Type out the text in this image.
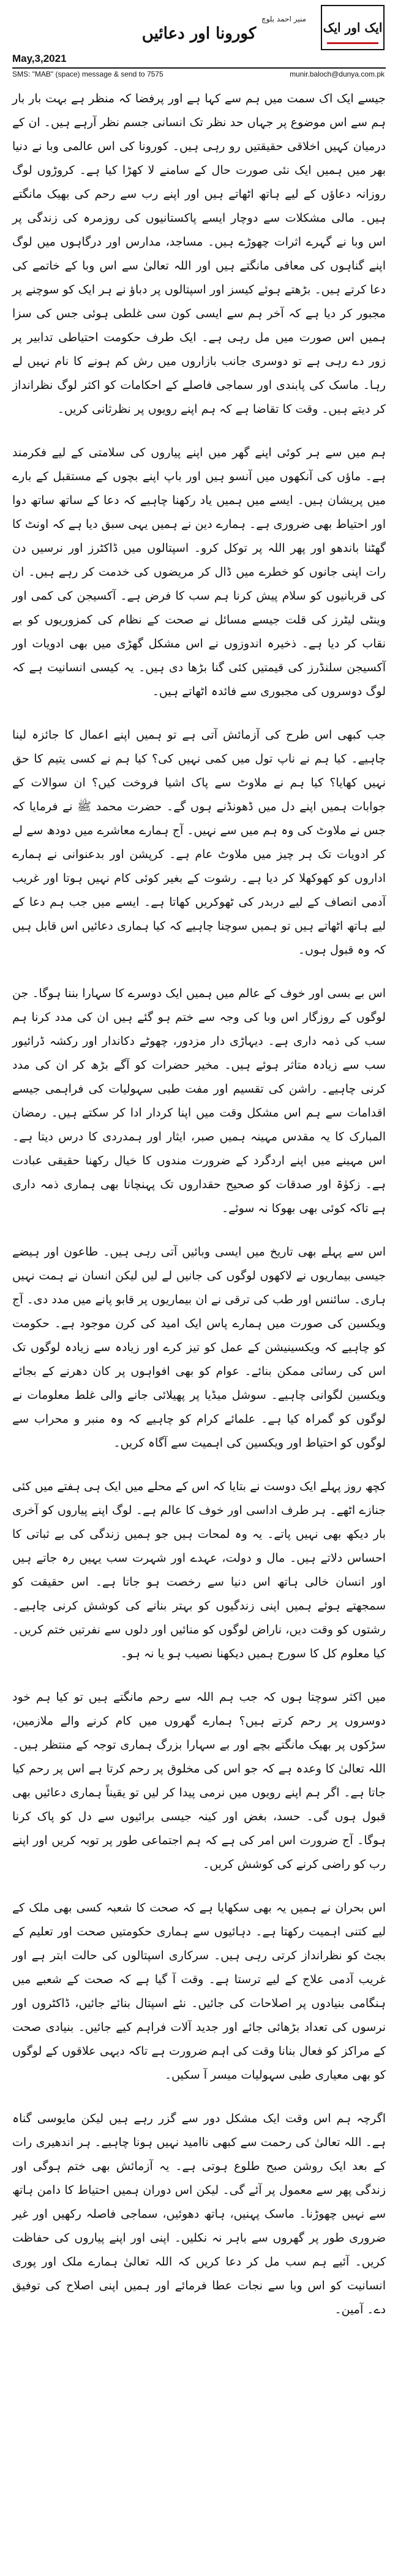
ایک اور ایک
منیر احمد بلوچ
کورونا اور دعائیں
May,3,2021
SMS: "MAB" (space) message & send to 7575	munir.baloch@dunya.com.pk

جیسے ایک اک سمت میں ہم سے کہا ہے اور پرفضا کہ منظر ہے بہت بار بار ہم سے اس موضوع پر جہاں حد نظر تک انسانی جسم نظر آرہے ہیں۔ ان کے درمیان کہیں اخلاقی حقیقتیں رو رہی ہیں۔ کورونا کی اس عالمی وبا نے دنیا بھر میں ہمیں ایک نئی صورت حال کے سامنے لا کھڑا کیا ہے۔ کروڑوں لوگ روزانہ دعاؤں کے لیے ہاتھ اٹھاتے ہیں اور اپنے رب سے رحم کی بھیک مانگتے ہیں۔ مالی مشکلات سے دوچار ایسے پاکستانیوں کی روزمرہ کی زندگی پر اس وبا نے گہرے اثرات چھوڑے ہیں۔ مساجد، مدارس اور درگاہوں میں لوگ اپنے گناہوں کی معافی مانگتے ہیں اور اللہ تعالیٰ سے اس وبا کے خاتمے کی دعا کرتے ہیں۔ بڑھتے ہوئے کیسز اور اسپتالوں پر دباؤ نے ہر ایک کو سوچنے پر مجبور کر دیا ہے کہ آخر ہم سے ایسی کون سی غلطی ہوئی جس کی سزا ہمیں اس صورت میں مل رہی ہے۔ ایک طرف حکومت احتیاطی تدابیر پر زور دے رہی ہے تو دوسری جانب بازاروں میں رش کم ہونے کا نام نہیں لے رہا۔ ماسک کی پابندی اور سماجی فاصلے کے احکامات کو اکثر لوگ نظرانداز کر دیتے ہیں۔ وقت کا تقاضا ہے کہ ہم اپنے رویوں پر نظرثانی کریں۔

ہم میں سے ہر کوئی اپنے گھر میں اپنے پیاروں کی سلامتی کے لیے فکرمند ہے۔ ماؤں کی آنکھوں میں آنسو ہیں اور باپ اپنے بچوں کے مستقبل کے بارے میں پریشان ہیں۔ ایسے میں ہمیں یاد رکھنا چاہیے کہ دعا کے ساتھ ساتھ دوا اور احتیاط بھی ضروری ہے۔ ہمارے دین نے ہمیں یہی سبق دیا ہے کہ اونٹ کا گھٹنا باندھو اور پھر اللہ پر توکل کرو۔ اسپتالوں میں ڈاکٹرز اور نرسیں دن رات اپنی جانوں کو خطرے میں ڈال کر مریضوں کی خدمت کر رہے ہیں۔ ان کی قربانیوں کو سلام پیش کرنا ہم سب کا فرض ہے۔ آکسیجن کی کمی اور وینٹی لیٹرز کی قلت جیسے مسائل نے صحت کے نظام کی کمزوریوں کو بے نقاب کر دیا ہے۔ ذخیرہ اندوزوں نے اس مشکل گھڑی میں بھی ادویات اور آکسیجن سلنڈرز کی قیمتیں کئی گنا بڑھا دی ہیں۔ یہ کیسی انسانیت ہے کہ لوگ دوسروں کی مجبوری سے فائدہ اٹھاتے ہیں۔

جب کبھی اس طرح کی آزمائش آتی ہے تو ہمیں اپنے اعمال کا جائزہ لینا چاہیے۔ کیا ہم نے ناپ تول میں کمی نہیں کی؟ کیا ہم نے کسی یتیم کا حق نہیں کھایا؟ کیا ہم نے ملاوٹ سے پاک اشیا فروخت کیں؟ ان سوالات کے جوابات ہمیں اپنے دل میں ڈھونڈنے ہوں گے۔ حضرت محمد ﷺ نے فرمایا کہ جس نے ملاوٹ کی وہ ہم میں سے نہیں۔ آج ہمارے معاشرے میں دودھ سے لے کر ادویات تک ہر چیز میں ملاوٹ عام ہے۔ کرپشن اور بدعنوانی نے ہمارے اداروں کو کھوکھلا کر دیا ہے۔ رشوت کے بغیر کوئی کام نہیں ہوتا اور غریب آدمی انصاف کے لیے دربدر کی ٹھوکریں کھاتا ہے۔ ایسے میں جب ہم دعا کے لیے ہاتھ اٹھاتے ہیں تو ہمیں سوچنا چاہیے کہ کیا ہماری دعائیں اس قابل ہیں کہ وہ قبول ہوں۔

اس بے بسی اور خوف کے عالم میں ہمیں ایک دوسرے کا سہارا بننا ہوگا۔ جن لوگوں کے روزگار اس وبا کی وجہ سے ختم ہو گئے ہیں ان کی مدد کرنا ہم سب کی ذمہ داری ہے۔ دیہاڑی دار مزدور، چھوٹے دکاندار اور رکشہ ڈرائیور سب سے زیادہ متاثر ہوئے ہیں۔ مخیر حضرات کو آگے بڑھ کر ان کی مدد کرنی چاہیے۔ راشن کی تقسیم اور مفت طبی سہولیات کی فراہمی جیسے اقدامات سے ہم اس مشکل وقت میں اپنا کردار ادا کر سکتے ہیں۔ رمضان المبارک کا یہ مقدس مہینہ ہمیں صبر، ایثار اور ہمدردی کا درس دیتا ہے۔ اس مہینے میں اپنے اردگرد کے ضرورت مندوں کا خیال رکھنا حقیقی عبادت ہے۔ زکوٰۃ اور صدقات کو صحیح حقداروں تک پہنچانا بھی ہماری ذمہ داری ہے تاکہ کوئی بھی بھوکا نہ سوئے۔

اس سے پہلے بھی تاریخ میں ایسی وبائیں آتی رہی ہیں۔ طاعون اور ہیضے جیسی بیماریوں نے لاکھوں لوگوں کی جانیں لے لیں لیکن انسان نے ہمت نہیں ہاری۔ سائنس اور طب کی ترقی نے ان بیماریوں پر قابو پانے میں مدد دی۔ آج ویکسین کی صورت میں ہمارے پاس ایک امید کی کرن موجود ہے۔ حکومت کو چاہیے کہ ویکسینیشن کے عمل کو تیز کرے اور زیادہ سے زیادہ لوگوں تک اس کی رسائی ممکن بنائے۔ عوام کو بھی افواہوں پر کان دھرنے کے بجائے ویکسین لگوانی چاہیے۔ سوشل میڈیا پر پھیلائی جانے والی غلط معلومات نے لوگوں کو گمراہ کیا ہے۔ علمائے کرام کو چاہیے کہ وہ منبر و محراب سے لوگوں کو احتیاط اور ویکسین کی اہمیت سے آگاہ کریں۔

کچھ روز پہلے ایک دوست نے بتایا کہ اس کے محلے میں ایک ہی ہفتے میں کئی جنازے اٹھے۔ ہر طرف اداسی اور خوف کا عالم ہے۔ لوگ اپنے پیاروں کو آخری بار دیکھ بھی نہیں پاتے۔ یہ وہ لمحات ہیں جو ہمیں زندگی کی بے ثباتی کا احساس دلاتے ہیں۔ مال و دولت، عہدے اور شہرت سب یہیں رہ جاتے ہیں اور انسان خالی ہاتھ اس دنیا سے رخصت ہو جاتا ہے۔ اس حقیقت کو سمجھتے ہوئے ہمیں اپنی زندگیوں کو بہتر بنانے کی کوشش کرنی چاہیے۔ رشتوں کو وقت دیں، ناراض لوگوں کو منائیں اور دلوں سے نفرتیں ختم کریں۔ کیا معلوم کل کا سورج ہمیں دیکھنا نصیب ہو یا نہ ہو۔

میں اکثر سوچتا ہوں کہ جب ہم اللہ سے رحم مانگتے ہیں تو کیا ہم خود دوسروں پر رحم کرتے ہیں؟ ہمارے گھروں میں کام کرنے والے ملازمین، سڑکوں پر بھیک مانگتے بچے اور بے سہارا بزرگ ہماری توجہ کے منتظر ہیں۔ اللہ تعالیٰ کا وعدہ ہے کہ جو اس کی مخلوق پر رحم کرتا ہے اس پر رحم کیا جاتا ہے۔ اگر ہم اپنے رویوں میں نرمی پیدا کر لیں تو یقیناً ہماری دعائیں بھی قبول ہوں گی۔ حسد، بغض اور کینہ جیسی برائیوں سے دل کو پاک کرنا ہوگا۔ آج ضرورت اس امر کی ہے کہ ہم اجتماعی طور پر توبہ کریں اور اپنے رب کو راضی کرنے کی کوشش کریں۔

اس بحران نے ہمیں یہ بھی سکھایا ہے کہ صحت کا شعبہ کسی بھی ملک کے لیے کتنی اہمیت رکھتا ہے۔ دہائیوں سے ہماری حکومتیں صحت اور تعلیم کے بجٹ کو نظرانداز کرتی رہی ہیں۔ سرکاری اسپتالوں کی حالت ابتر ہے اور غریب آدمی علاج کے لیے ترستا ہے۔ وقت آ گیا ہے کہ صحت کے شعبے میں ہنگامی بنیادوں پر اصلاحات کی جائیں۔ نئے اسپتال بنائے جائیں، ڈاکٹروں اور نرسوں کی تعداد بڑھائی جائے اور جدید آلات فراہم کیے جائیں۔ بنیادی صحت کے مراکز کو فعال بنانا وقت کی اہم ضرورت ہے تاکہ دیہی علاقوں کے لوگوں کو بھی معیاری طبی سہولیات میسر آ سکیں۔

اگرچہ ہم اس وقت ایک مشکل دور سے گزر رہے ہیں لیکن مایوسی گناہ ہے۔ اللہ تعالیٰ کی رحمت سے کبھی ناامید نہیں ہونا چاہیے۔ ہر اندھیری رات کے بعد ایک روشن صبح طلوع ہوتی ہے۔ یہ آزمائش بھی ختم ہوگی اور زندگی پھر سے معمول پر آئے گی۔ لیکن اس دوران ہمیں احتیاط کا دامن ہاتھ سے نہیں چھوڑنا۔ ماسک پہنیں، ہاتھ دھوئیں، سماجی فاصلہ رکھیں اور غیر ضروری طور پر گھروں سے باہر نہ نکلیں۔ اپنی اور اپنے پیاروں کی حفاظت کریں۔ آئیے ہم سب مل کر دعا کریں کہ اللہ تعالیٰ ہمارے ملک اور پوری انسانیت کو اس وبا سے نجات عطا فرمائے اور ہمیں اپنی اصلاح کی توفیق دے۔ آمین۔
